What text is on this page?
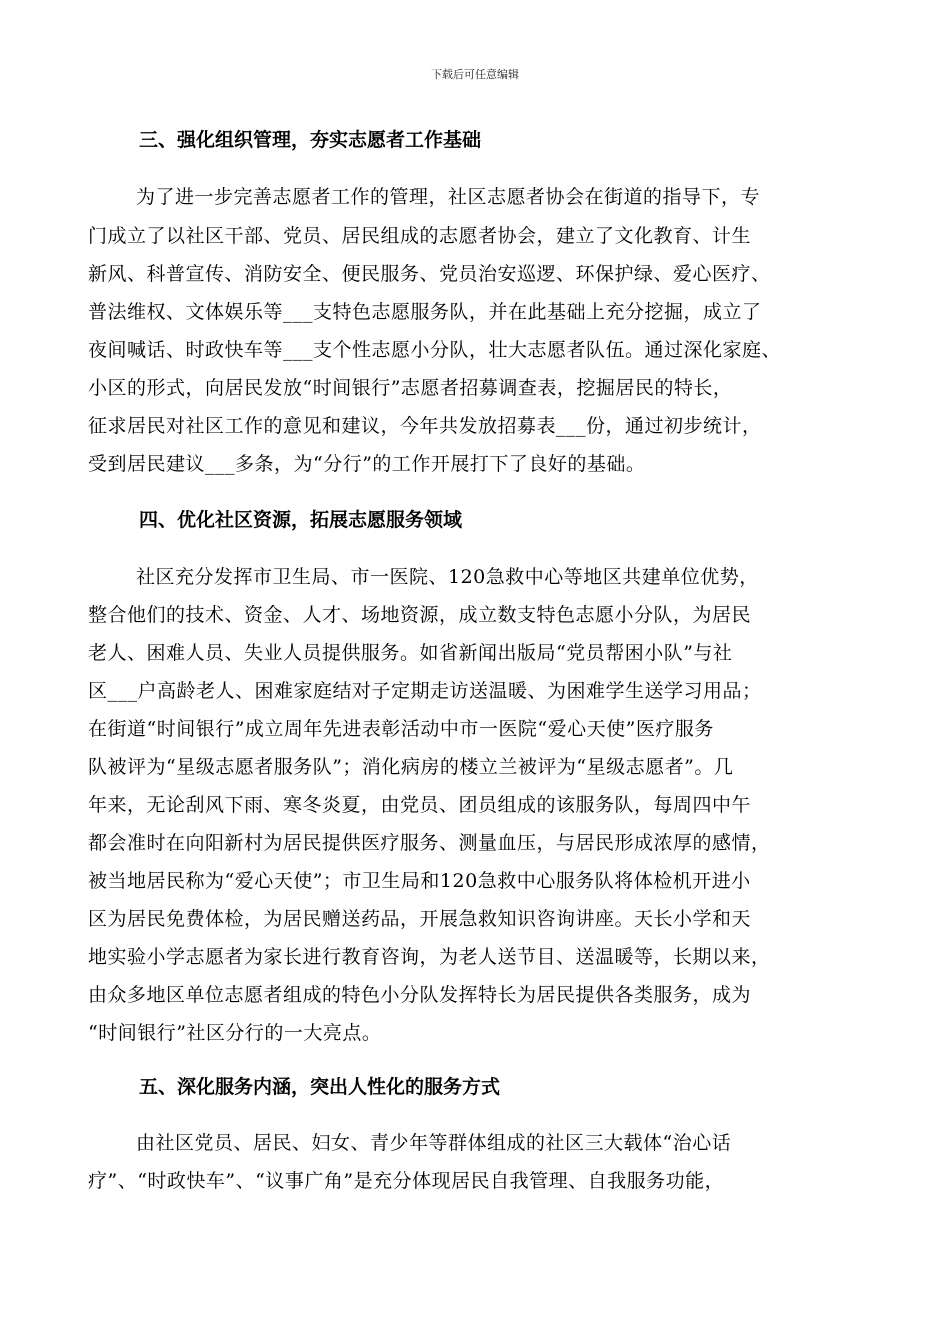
下载后可任意编辑
三、强化组织管理，夯实志愿者工作基础
为了进一步完善志愿者工作的管理，社区志愿者协会在街道的指导下，专
门成立了以社区干部、党员、居民组成的志愿者协会，建立了文化教育、计生
新风、科普宣传、消防安全、便民服务、党员治安巡逻、环保护绿、爱心医疗、
普法维权、文体娱乐等___支特色志愿服务队，并在此基础上充分挖掘，成立了
夜间喊话、时政快车等___支个性志愿小分队，壮大志愿者队伍。通过深化家庭、
小区的形式，向居民发放“时间银行”志愿者招募调查表，挖掘居民的特长，
征求居民对社区工作的意见和建议，今年共发放招募表___份，通过初步统计，
受到居民建议___多条，为“分行”的工作开展打下了良好的基础。
四、优化社区资源，拓展志愿服务领域
社区充分发挥市卫生局、市一医院、120急救中心等地区共建单位优势，
整合他们的技术、资金、人才、场地资源，成立数支特色志愿小分队，为居民
老人、困难人员、失业人员提供服务。如省新闻出版局“党员帮困小队”与社
区___户高龄老人、困难家庭结对子定期走访送温暖、为困难学生送学习用品；
在街道“时间银行”成立周年先进表彰活动中市一医院“爱心天使”医疗服务
队被评为“星级志愿者服务队”；消化病房的楼立兰被评为“星级志愿者”。几
年来，无论刮风下雨、寒冬炎夏，由党员、团员组成的该服务队，每周四中午
都会准时在向阳新村为居民提供医疗服务、测量血压，与居民形成浓厚的感情，
被当地居民称为“爱心天使”；市卫生局和120急救中心服务队将体检机开进小
区为居民免费体检，为居民赠送药品，开展急救知识咨询讲座。天长小学和天
地实验小学志愿者为家长进行教育咨询，为老人送节目、送温暖等，长期以来，
由众多地区单位志愿者组成的特色小分队发挥特长为居民提供各类服务，成为
“时间银行”社区分行的一大亮点。
五、深化服务内涵，突出人性化的服务方式
由社区党员、居民、妇女、青少年等群体组成的社区三大载体“治心话
疗”、“时政快车”、“议事广角”是充分体现居民自我管理、自我服务功能，
